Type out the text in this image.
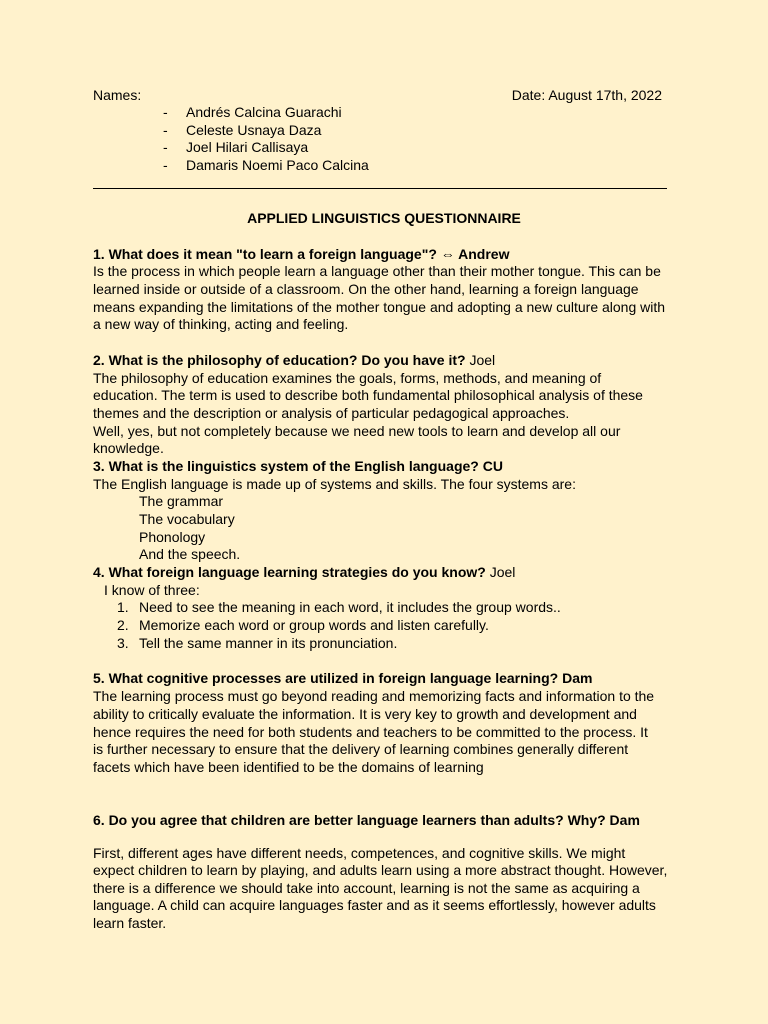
Names:	Date: August 17th, 2022
- Andrés Calcina Guarachi
- Celeste Usnaya Daza
- Joel Hilari Callisaya
- Damaris Noemi Paco Calcina
APPLIED LINGUISTICS QUESTIONNAIRE
1. What does it mean "to learn a foreign language"? ⇔ Andrew
Is the process in which people learn a language other than their mother tongue. This can be
learned inside or outside of a classroom. On the other hand, learning a foreign language
means expanding the limitations of the mother tongue and adopting a new culture along with
a new way of thinking, acting and feeling.
2. What is the philosophy of education? Do you have it? Joel
The philosophy of education examines the goals, forms, methods, and meaning of
education. The term is used to describe both fundamental philosophical analysis of these
themes and the description or analysis of particular pedagogical approaches.
Well, yes, but not completely because we need new tools to learn and develop all our
knowledge.
3. What is the linguistics system of the English language? CU
The English language is made up of systems and skills. The four systems are:
The grammar
The vocabulary
Phonology
And the speech.
4. What foreign language learning strategies do you know? Joel
I know of three:
1. Need to see the meaning in each word, it includes the group words..
2. Memorize each word or group words and listen carefully.
3. Tell the same manner in its pronunciation.
5. What cognitive processes are utilized in foreign language learning? Dam
The learning process must go beyond reading and memorizing facts and information to the
ability to critically evaluate the information. It is very key to growth and development and
hence requires the need for both students and teachers to be committed to the process. It
is further necessary to ensure that the delivery of learning combines generally different
facets which have been identified to be the domains of learning
6. Do you agree that children are better language learners than adults? Why? Dam
First, different ages have different needs, competences, and cognitive skills. We might
expect children to learn by playing, and adults learn using a more abstract thought. However,
there is a difference we should take into account, learning is not the same as acquiring a
language. A child can acquire languages faster and as it seems effortlessly, however adults
learn faster.
